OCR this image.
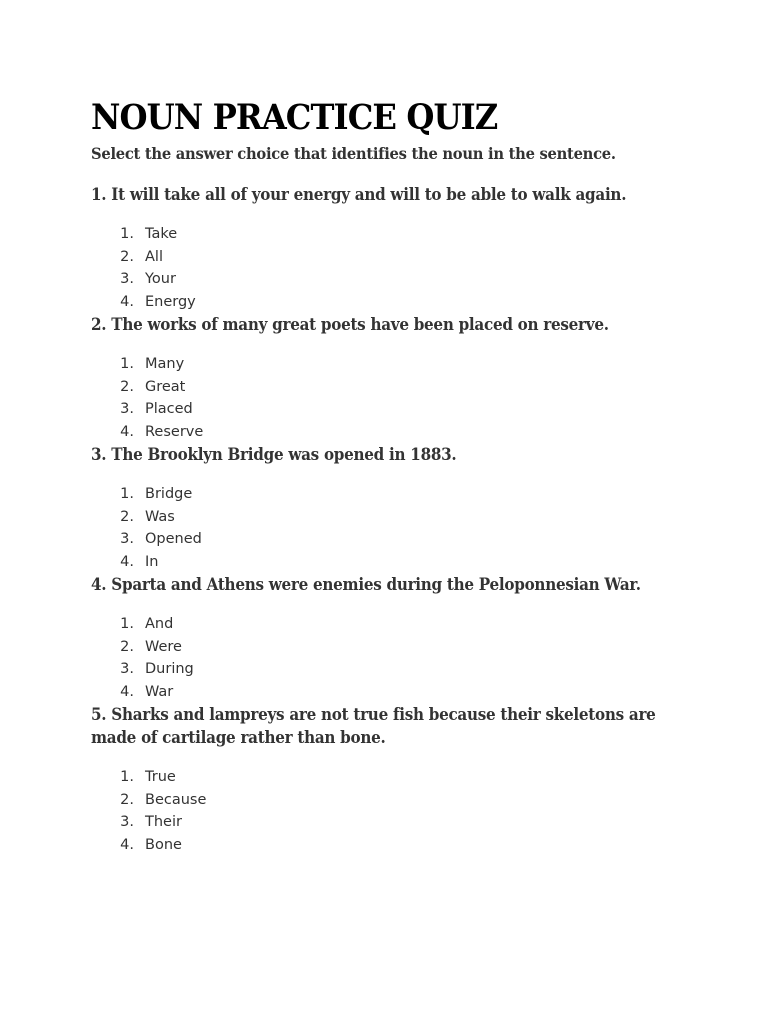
NOUN PRACTICE QUIZ

Select the answer choice that identifies the noun in the sentence.

1. It will take all of your energy and will to be able to walk again.

1. Take
2. All
3. Your
4. Energy

2. The works of many great poets have been placed on reserve.

1. Many
2. Great
3. Placed
4. Reserve

3. The Brooklyn Bridge was opened in 1883.

1. Bridge
2. Was
3. Opened
4. In

4. Sparta and Athens were enemies during the Peloponnesian War.

1. And
2. Were
3. During
4. War

5. Sharks and lampreys are not true fish because their skeletons are made of cartilage rather than bone.

1. True
2. Because
3. Their
4. Bone
